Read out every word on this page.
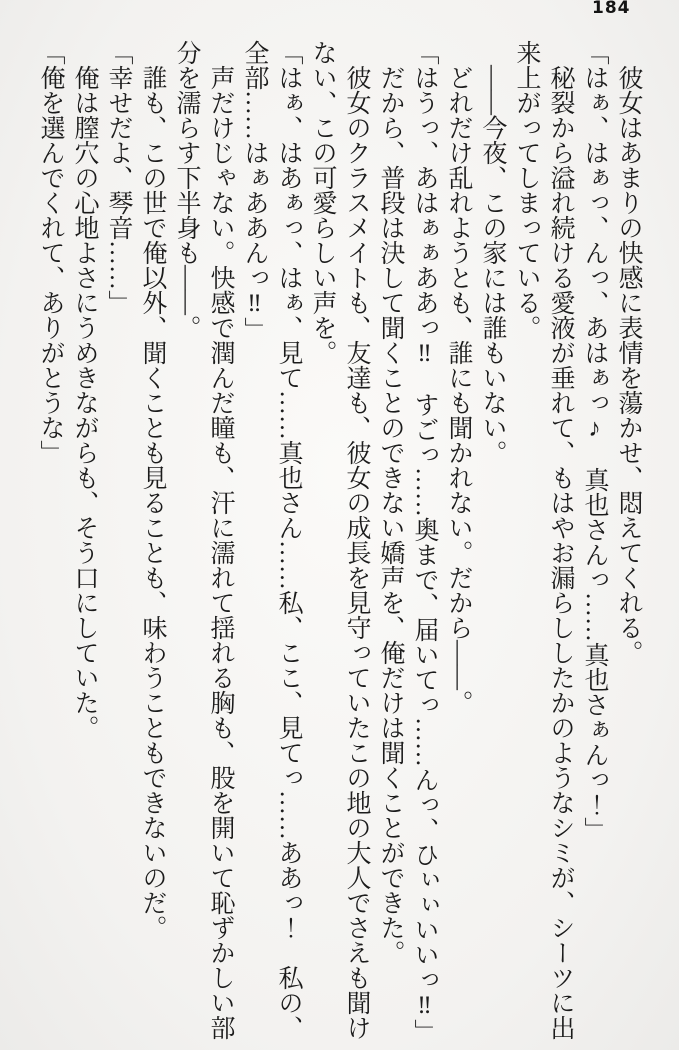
184

彼女はあまりの快感に表情を蕩かせ、悶えてくれる。

「はぁ、はぁっ、んっ、あはぁっ♪　真也さんっ……真也さぁんっ！」

秘裂から溢れ続ける愛液が垂れて、もはやお漏らししたかのようなシミが、シーツに出

来上がってしまっている。

——今夜、この家には誰もいない。

どれだけ乱れようとも、誰にも聞かれない。だから——。

「はうっ、あはぁぁああっ‼　すごっ……奥まで、届いてっ……んっ、ひぃぃいいっ‼」

だから、普段は決して聞くことのできない嬌声を、俺だけは聞くことができた。

彼女のクラスメイトも、友達も、彼女の成長を見守っていたこの地の大人でさえも聞け

ない、この可愛らしい声を。

「はぁ、はあぁっ、はぁ、見て……真也さん……私、ここ、見てっ……ああっ！　私の、

全部……はぁああんっ‼」

声だけじゃない。快感で潤んだ瞳も、汗に濡れて揺れる胸も、股を開いて恥ずかしい部

分を濡らす下半身も——。

誰も、この世で俺以外、聞くことも見ることも、味わうこともできないのだ。

「幸せだよ、琴音……」

俺は膣穴の心地よさにうめきながらも、そう口にしていた。

「俺を選んでくれて、ありがとうな」
